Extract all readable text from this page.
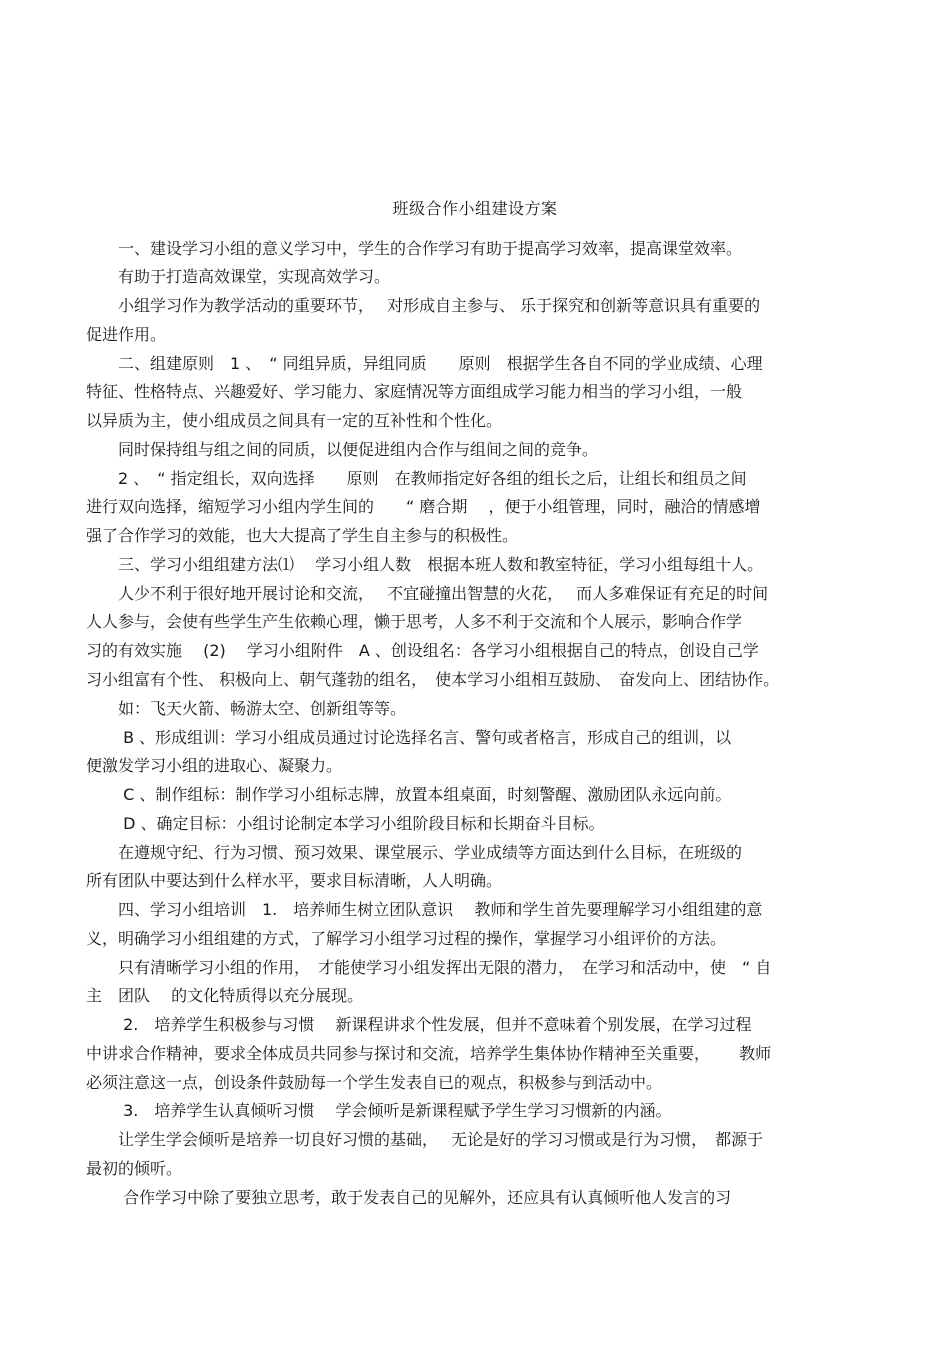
班级合作小组建设方案
　　一、建设学习小组的意义学习中，学生的合作学习有助于提高学习效率，提高课堂效率。
　　有助于打造高效课堂，实现高效学习。
　　小组学习作为教学活动的重要环节，　 对形成自主参与、 乐于探究和创新等意识具有重要的
促进作用。
　　二、组建原则　1 、　“ 同组异质，异组同质　　原则　根据学生各自不同的学业成绩、心理
特征、性格特点、兴趣爱好、学习能力、家庭情况等方面组成学习能力相当的学习小组，一般
以异质为主，使小组成员之间具有一定的互补性和个性化。
　　同时保持组与组之间的同质，以便促进组内合作与组间之间的竞争。
　　2 、　“ 指定组长，双向选择　　原则　在教师指定好各组的组长之后，让组长和组员之间
进行双向选择，缩短学习小组内学生间的　　“ 磨合期　 ，便于小组管理，同时，融洽的情感增
强了合作学习的效能，也大大提高了学生自主参与的积极性。
　　三、学习小组组建方法⑴　 学习小组人数　根据本班人数和教室特征，学习小组每组十人。
　　人少不利于很好地开展讨论和交流，　 不宜碰撞出智慧的火花，　 而人多难保证有充足的时间
人人参与，会使有些学生产生依赖心理，懒于思考，人多不利于交流和个人展示，影响合作学
习的有效实施　 (2)　 学习小组附件　A 、创设组名：各学习小组根据自己的特点，创设自己学
习小组富有个性、 积极向上、朝气蓬勃的组名，　使本学习小组相互鼓励、　奋发向上、团结协作。
　　如：飞天火箭、畅游太空、创新组等等。
　　 B 、形成组训：学习小组成员通过讨论选择名言、警句或者格言，形成自己的组训，以
便激发学习小组的进取心、凝聚力。
　　 C 、制作组标：制作学习小组标志牌，放置本组桌面，时刻警醒、激励团队永远向前。
　　 D 、确定目标：小组讨论制定本学习小组阶段目标和长期奋斗目标。
　　在遵规守纪、行为习惯、预习效果、课堂展示、学业成绩等方面达到什么目标，在班级的
所有团队中要达到什么样水平，要求目标清晰，人人明确。
　　四、学习小组培训　1.　培养师生树立团队意识　 教师和学生首先要理解学习小组组建的意
义，明确学习小组组建的方式，了解学习小组学习过程的操作，掌握学习小组评价的方法。
　　只有清晰学习小组的作用，　才能使学习小组发挥出无限的潜力，　在学习和活动中，使　“ 自
主　团队　 的文化特质得以充分展现。
　　 2.　培养学生积极参与习惯　 新课程讲求个性发展，但并不意味着个别发展，在学习过程
中讲求合作精神，要求全体成员共同参与探讨和交流，培养学生集体协作精神至关重要，　　 教师
必须注意这一点，创设条件鼓励每一个学生发表自已的观点，积极参与到活动中。
　　 3.　培养学生认真倾听习惯　 学会倾听是新课程赋予学生学习习惯新的内涵。
　　让学生学会倾听是培养一切良好习惯的基础，　 无论是好的学习习惯或是行为习惯，　都源于
最初的倾听。
　　 合作学习中除了要独立思考，敢于发表自己的见解外，还应具有认真倾听他人发言的习
